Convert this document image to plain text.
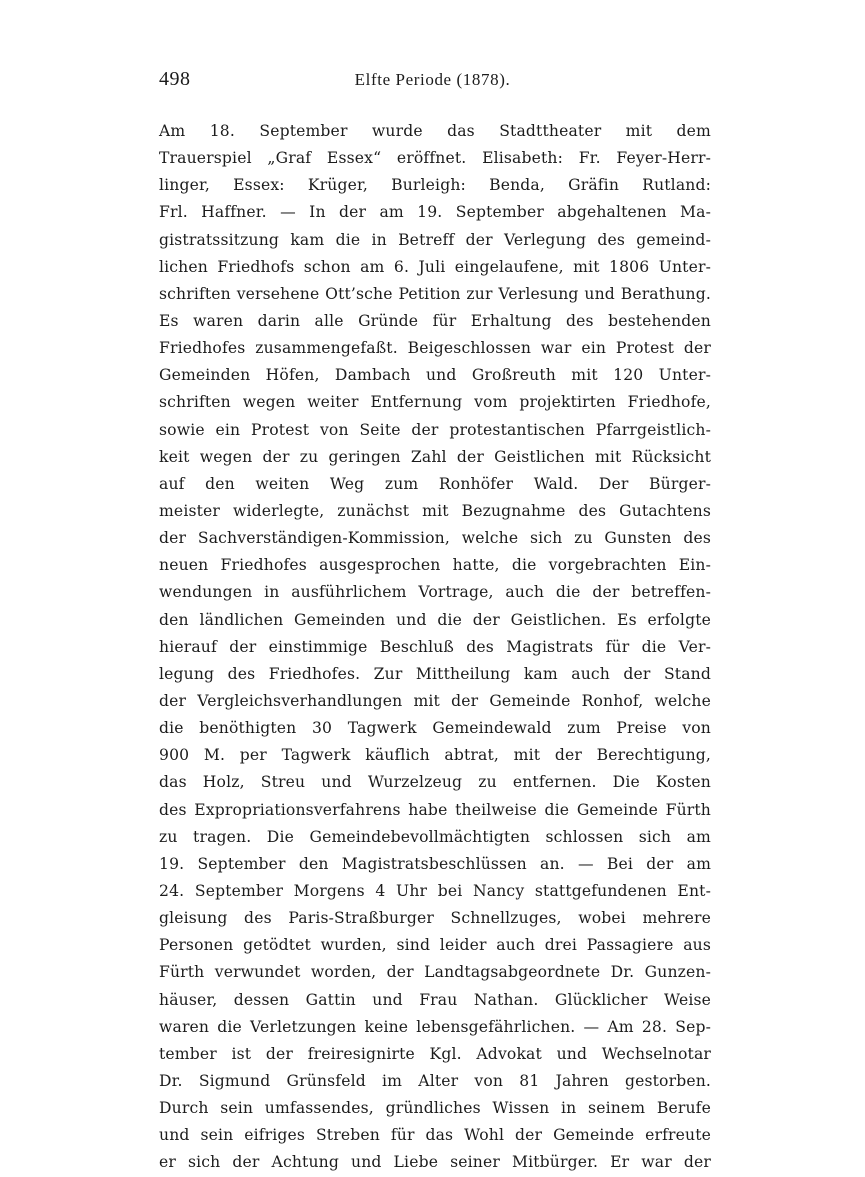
498	Elfte Periode (1878).
Am 18. September wurde das Stadttheater mit dem
Trauerspiel „Graf Essex“ eröffnet. Elisabeth: Fr. Feyer-Herr-
linger, Essex: Krüger, Burleigh: Benda, Gräfin Rutland:
Frl. Haffner. — In der am 19. September abgehaltenen Ma-
gistratssitzung kam die in Betreff der Verlegung des gemeind-
lichen Friedhofs schon am 6. Juli eingelaufene, mit 1806 Unter-
schriften versehene Ott’sche Petition zur Verlesung und Berathung.
Es waren darin alle Gründe für Erhaltung des bestehenden
Friedhofes zusammengefaßt. Beigeschlossen war ein Protest der
Gemeinden Höfen, Dambach und Großreuth mit 120 Unter-
schriften wegen weiter Entfernung vom projektirten Friedhofe,
sowie ein Protest von Seite der protestantischen Pfarrgeistlich-
keit wegen der zu geringen Zahl der Geistlichen mit Rücksicht
auf den weiten Weg zum Ronhöfer Wald. Der Bürger-
meister widerlegte, zunächst mit Bezugnahme des Gutachtens
der Sachverständigen-Kommission, welche sich zu Gunsten des
neuen Friedhofes ausgesprochen hatte, die vorgebrachten Ein-
wendungen in ausführlichem Vortrage, auch die der betreffen-
den ländlichen Gemeinden und die der Geistlichen. Es erfolgte
hierauf der einstimmige Beschluß des Magistrats für die Ver-
legung des Friedhofes. Zur Mittheilung kam auch der Stand
der Vergleichsverhandlungen mit der Gemeinde Ronhof, welche
die benöthigten 30 Tagwerk Gemeindewald zum Preise von
900 M. per Tagwerk käuflich abtrat, mit der Berechtigung,
das Holz, Streu und Wurzelzeug zu entfernen. Die Kosten
des Expropriationsverfahrens habe theilweise die Gemeinde Fürth
zu tragen. Die Gemeindebevollmächtigten schlossen sich am
19. September den Magistratsbeschlüssen an. — Bei der am
24. September Morgens 4 Uhr bei Nancy stattgefundenen Ent-
gleisung des Paris-Straßburger Schnellzuges, wobei mehrere
Personen getödtet wurden, sind leider auch drei Passagiere aus
Fürth verwundet worden, der Landtagsabgeordnete Dr. Gunzen-
häuser, dessen Gattin und Frau Nathan. Glücklicher Weise
waren die Verletzungen keine lebensgefährlichen. — Am 28. Sep-
tember ist der freiresignirte Kgl. Advokat und Wechselnotar
Dr. Sigmund Grünsfeld im Alter von 81 Jahren gestorben.
Durch sein umfassendes, gründliches Wissen in seinem Berufe
und sein eifriges Streben für das Wohl der Gemeinde erfreute
er sich der Achtung und Liebe seiner Mitbürger. Er war der
